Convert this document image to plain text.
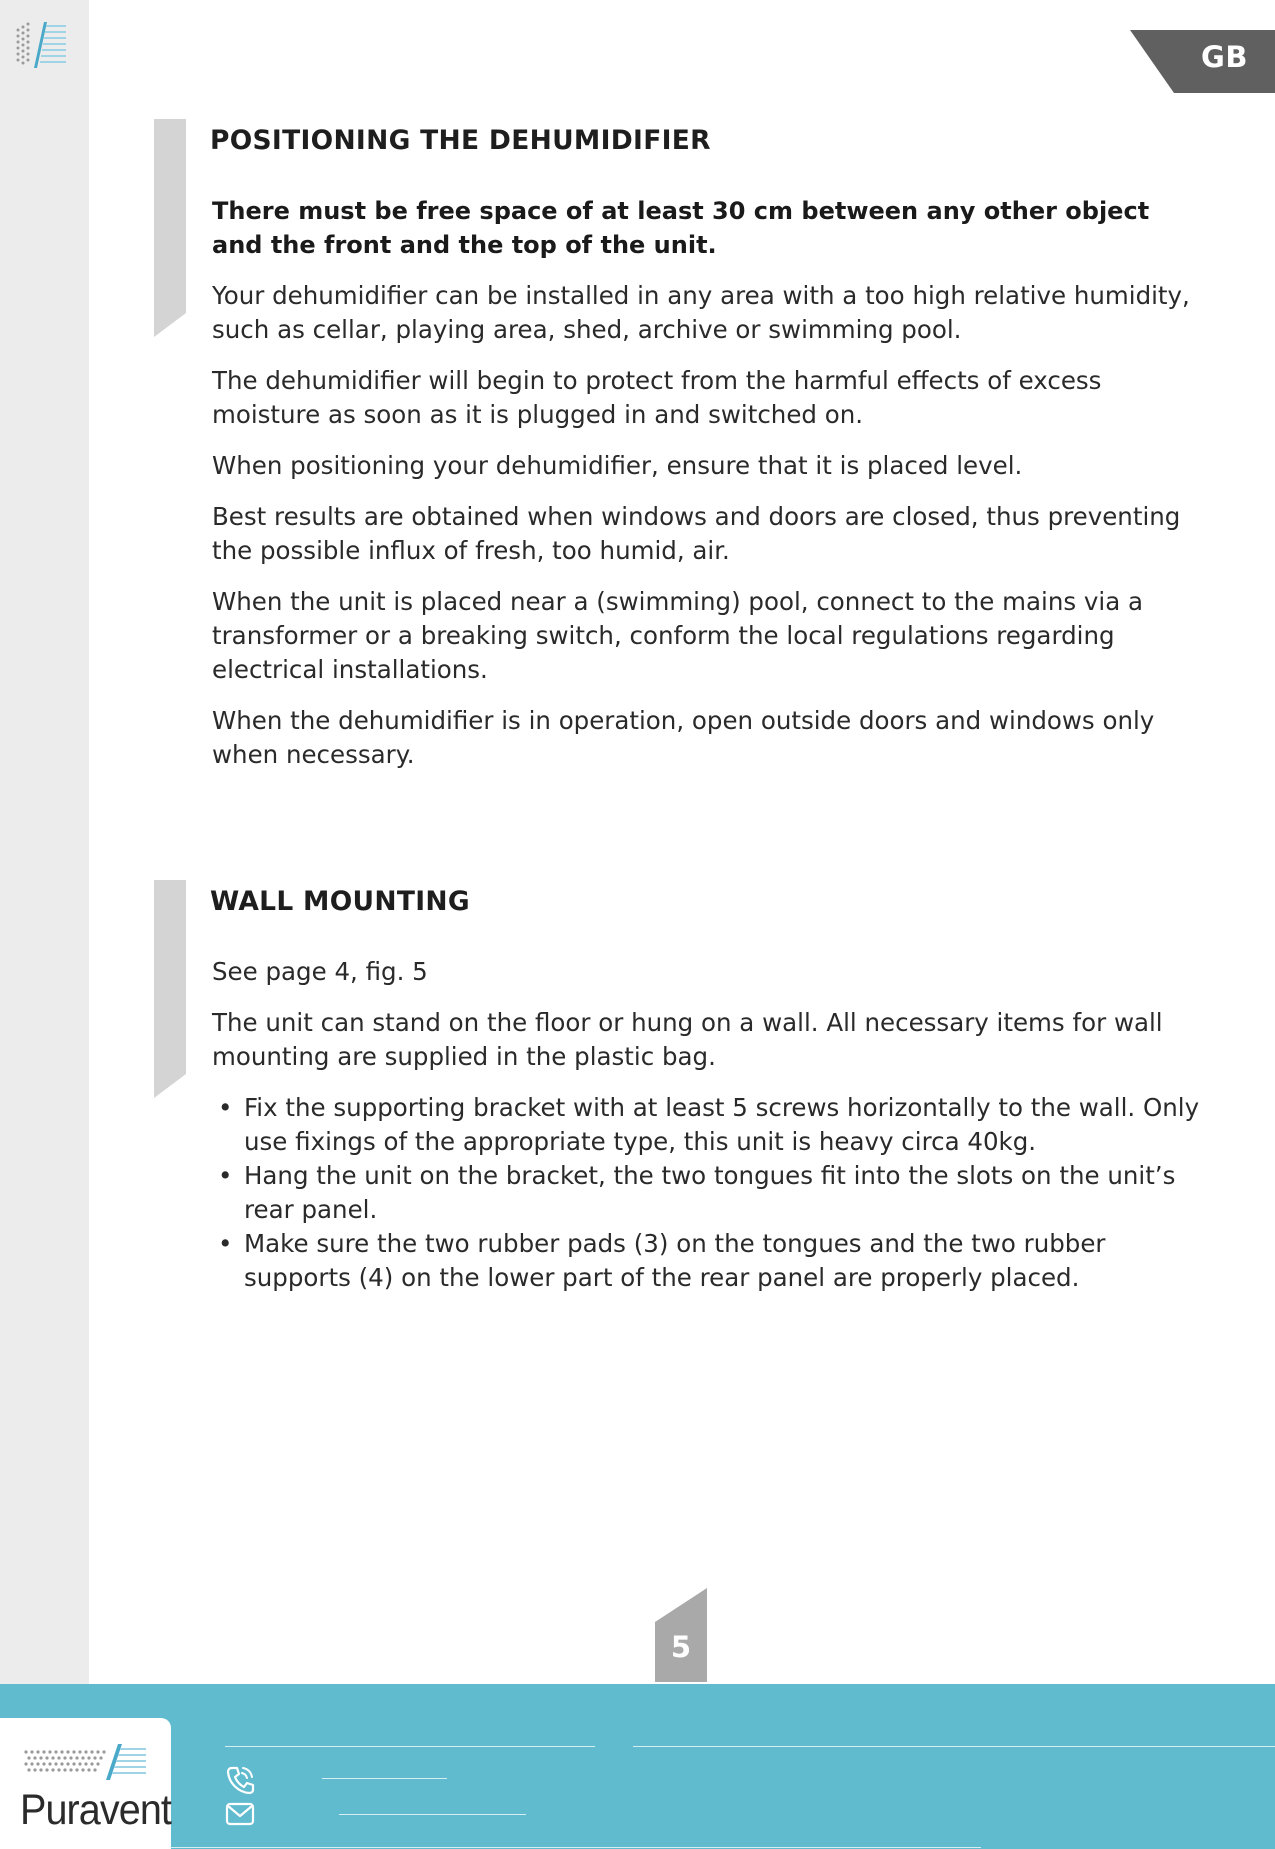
GB
POSITIONING THE DEHUMIDIFIER

There must be free space of at least 30 cm between any other object and the front and the top of the unit.

Your dehumidifier can be installed in any area with a too high relative humidity, such as cellar, playing area, shed, archive or swimming pool.

The dehumidifier will begin to protect from the harmful effects of excess moisture as soon as it is plugged in and switched on.

When positioning your dehumidifier, ensure that it is placed level.

Best results are obtained when windows and doors are closed, thus preventing the possible influx of fresh, too humid, air.

When the unit is placed near a (swimming) pool, connect to the mains via a transformer or a breaking switch, conform the local regulations regarding electrical installations.

When the dehumidifier is in operation, open outside doors and windows only when necessary.

WALL MOUNTING

See page 4, fig. 5

The unit can stand on the floor or hung on a wall. All necessary items for wall mounting are supplied in the plastic bag.

• Fix the supporting bracket with at least 5 screws horizontally to the wall. Only use fixings of the appropriate type, this unit is heavy circa 40kg.
• Hang the unit on the bracket, the two tongues fit into the slots on the unit’s rear panel.
• Make sure the two rubber pads (3) on the tongues and the two rubber supports (4) on the lower part of the rear panel are properly placed.
5
Puravent
